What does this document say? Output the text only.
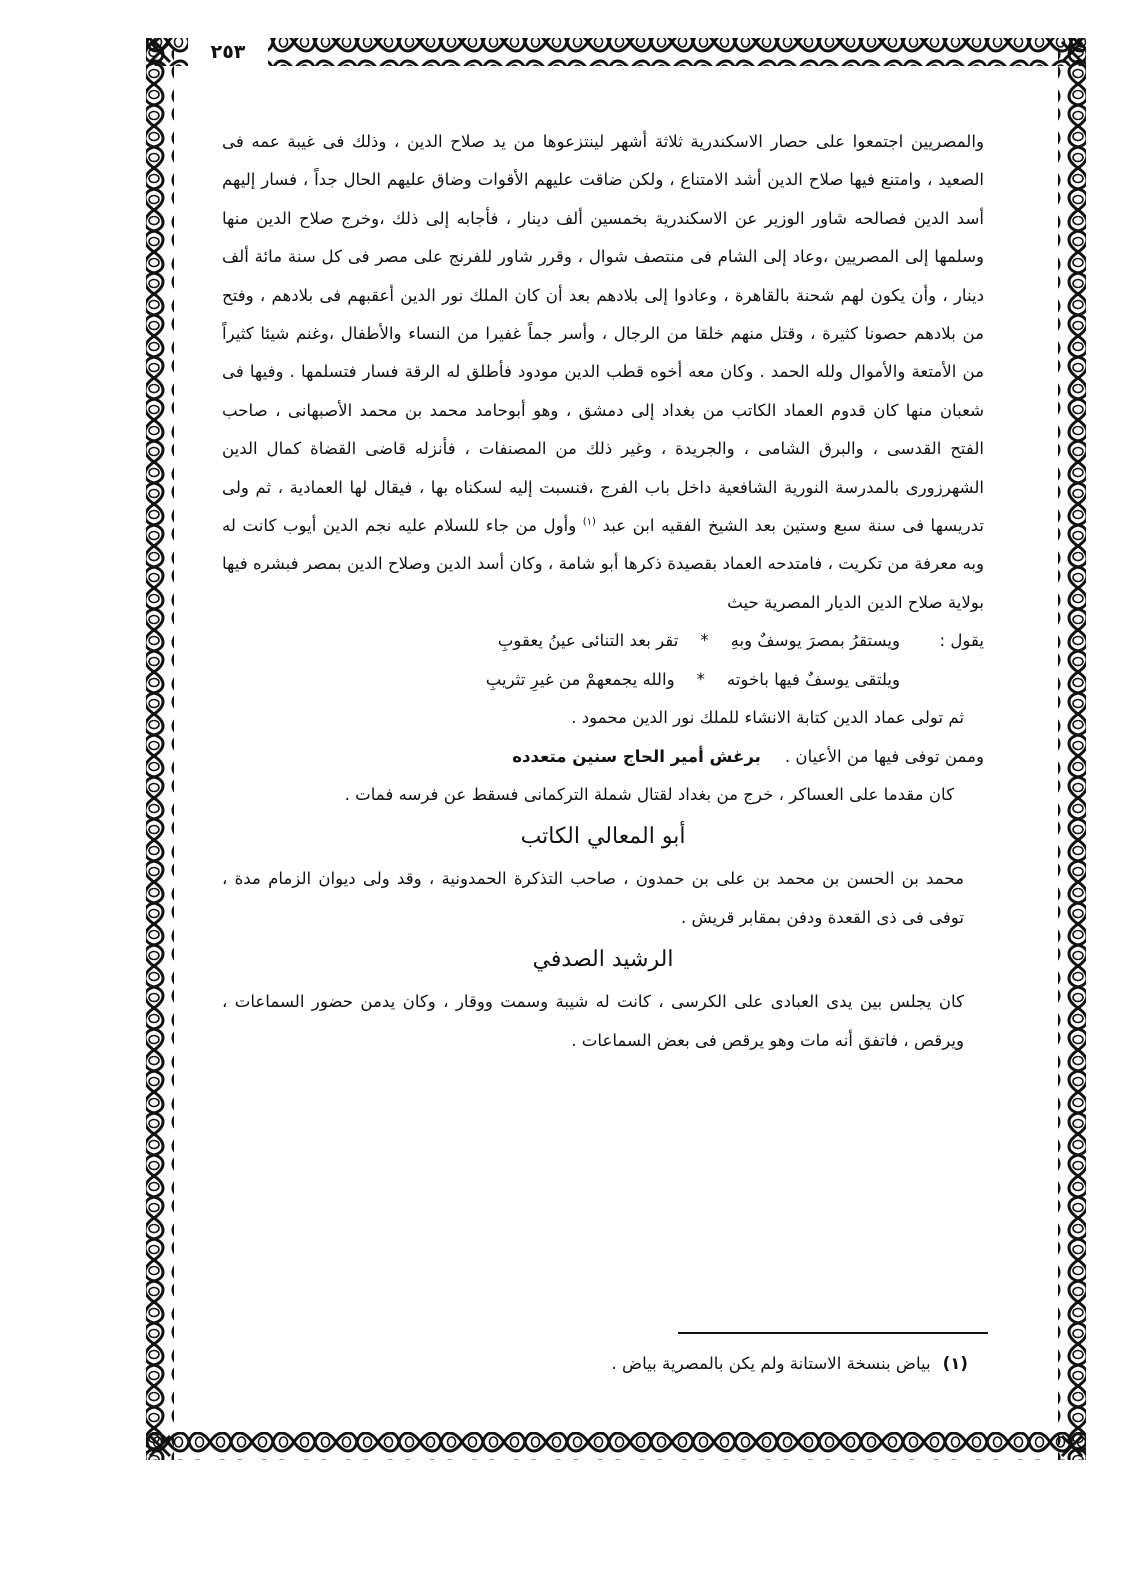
٢٥٣

والمصريين اجتمعوا على حصار الاسكندرية ثلاثة أشهر لينتزعوها من يد صلاح الدين ، وذلك فى غيبة عمه فى الصعيد ، وامتنع فيها صلاح الدين أشد الامتناع ، ولكن ضاقت عليهم الأقوات وضاق عليهم الحال جداً ، فسار إليهم أسد الدين فصالحه شاور الوزير عن الاسكندرية بخمسين ألف دينار ، فأجابه إلى ذلك ،وخرج صلاح الدين منها وسلمها إلى المصريين ،وعاد إلى الشام فى منتصف شوال ، وقرر شاور للفرنج على مصر فى كل سنة مائة ألف دينار ، وأن يكون لهم شحنة بالقاهرة ، وعادوا إلى بلادهم بعد أن كان الملك نور الدين أعقبهم فى بلادهم ، وفتح من بلادهم حصونا كثيرة ، وقتل منهم خلقا من الرجال ، وأسر جماً غفيرا من النساء والأطفال ،وغنم شيئا كثيراً من الأمتعة والأموال ولله الحمد . وكان معه أخوه قطب الدين مودود فأطلق له الرقة فسار فتسلمها . وفيها فى شعبان منها كان قدوم العماد الكاتب من بغداد إلى دمشق ، وهو أبوحامد محمد بن محمد الأصبهانى ، صاحب الفتح القدسى ، والبرق الشامى ، والجريدة ، وغير ذلك من المصنفات ، فأنزله قاضى القضاة كمال الدين الشهرزورى بالمدرسة النورية الشافعية داخل باب الفرج ،فنسبت إليه لسكناه بها ، فيقال لها العمادية ، ثم ولى تدريسها فى سنة سبع وستين بعد الشيخ الفقيه ابن عبد $^{(١)}$ وأول من جاء للسلام عليه نجم الدين أيوب كانت له وبه معرفة من تكريت ، فامتدحه العماد بقصيدة ذكرها أبو شامة ، وكان أسد الدين وصلاح الدين بمصر فبشره فيها بولاية صلاح الدين الديار المصرية حيث

يقول :
ويستقرُ بمصرَ يوسفٌ وبهِ
*
تقر بعد التنائى عينُ يعقوبِ
ويلتقى يوسفٌ فيها باخوته
*
والله يجمعهمْ من غيرِ تثريبِ

ثم تولى عماد الدين كتابة الانشاء للملك نور الدين محمود .

وممن توفى فيها من الأعيان .برغش أمير الحاج سنين متعدده

كان مقدما على العساكر ، خرج من بغداد لقتال شملة التركمانى فسقط عن فرسه فمات .

أبو المعالي الكاتب

محمد بن الحسن بن محمد بن على بن حمدون ، صاحب التذكرة الحمدونية ، وقد ولى ديوان الزمام مدة ، توفى فى ذى القعدة ودفن بمقابر قريش .

الرشيد الصدفي

كان يجلس بين يدى العبادى على الكرسى ، كانت له شيبة وسمت ووقار ، وكان يدمن حضور السماعات ، ويرقص ، فاتفق أنه مات وهو يرقص فى بعض السماعات .

(١)بياض بنسخة الاستانة ولم يكن بالمصرية بياض .
